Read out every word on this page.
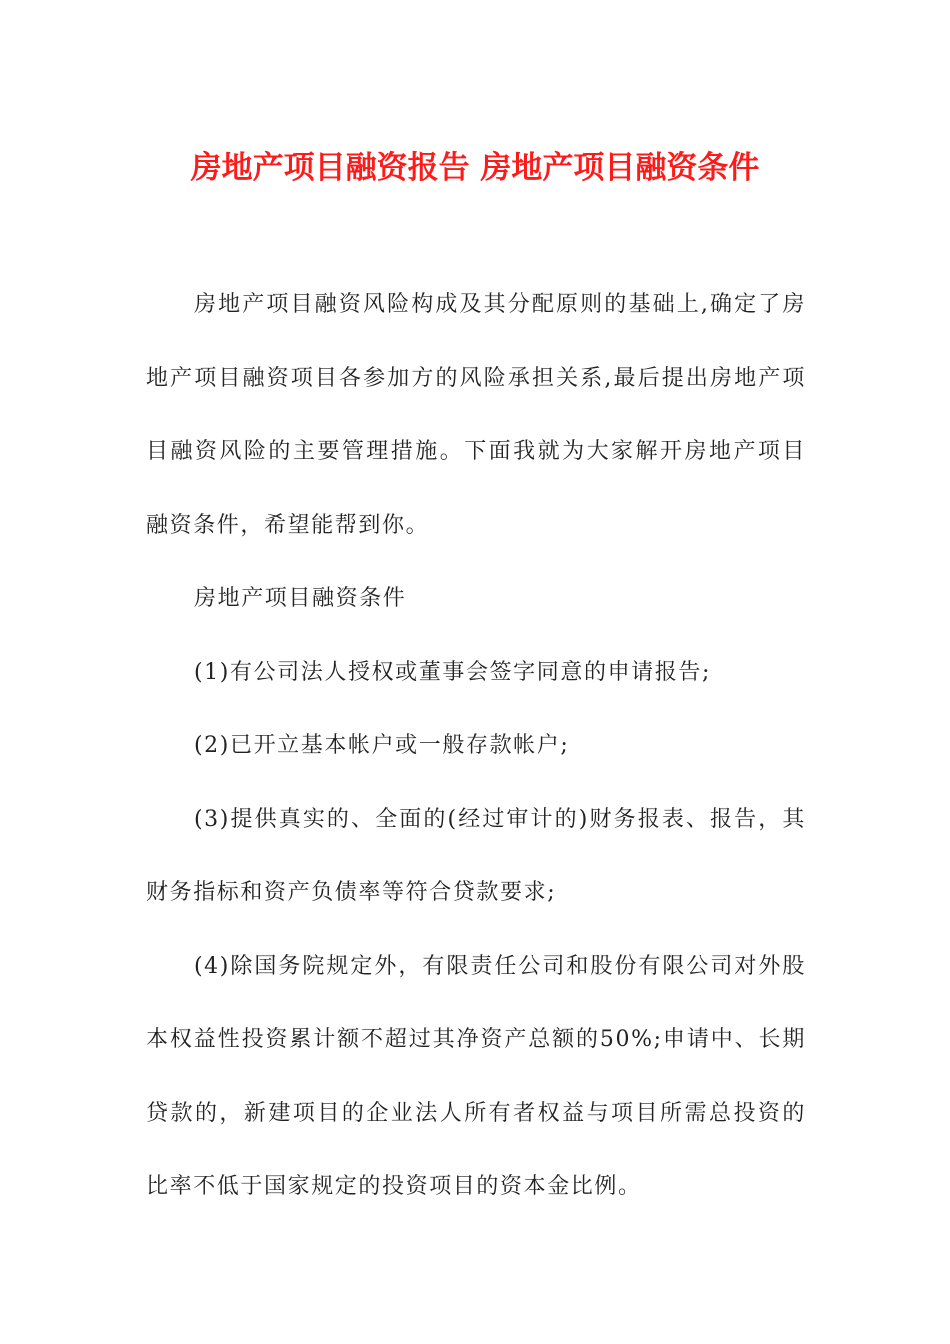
房地产项目融资报告 房地产项目融资条件

房地产项目融资风险构成及其分配原则的基础上,确定了房地产项目融资项目各参加方的风险承担关系,最后提出房地产项目融资风险的主要管理措施。下面我就为大家解开房地产项目融资条件，希望能帮到你。

房地产项目融资条件

(1)有公司法人授权或董事会签字同意的申请报告;

(2)已开立基本帐户或一般存款帐户;

(3)提供真实的、全面的(经过审计的)财务报表、报告，其财务指标和资产负债率等符合贷款要求;

(4)除国务院规定外，有限责任公司和股份有限公司对外股本权益性投资累计额不超过其净资产总额的50%;申请中、长期贷款的，新建项目的企业法人所有者权益与项目所需总投资的比率不低于国家规定的投资项目的资本金比例。
